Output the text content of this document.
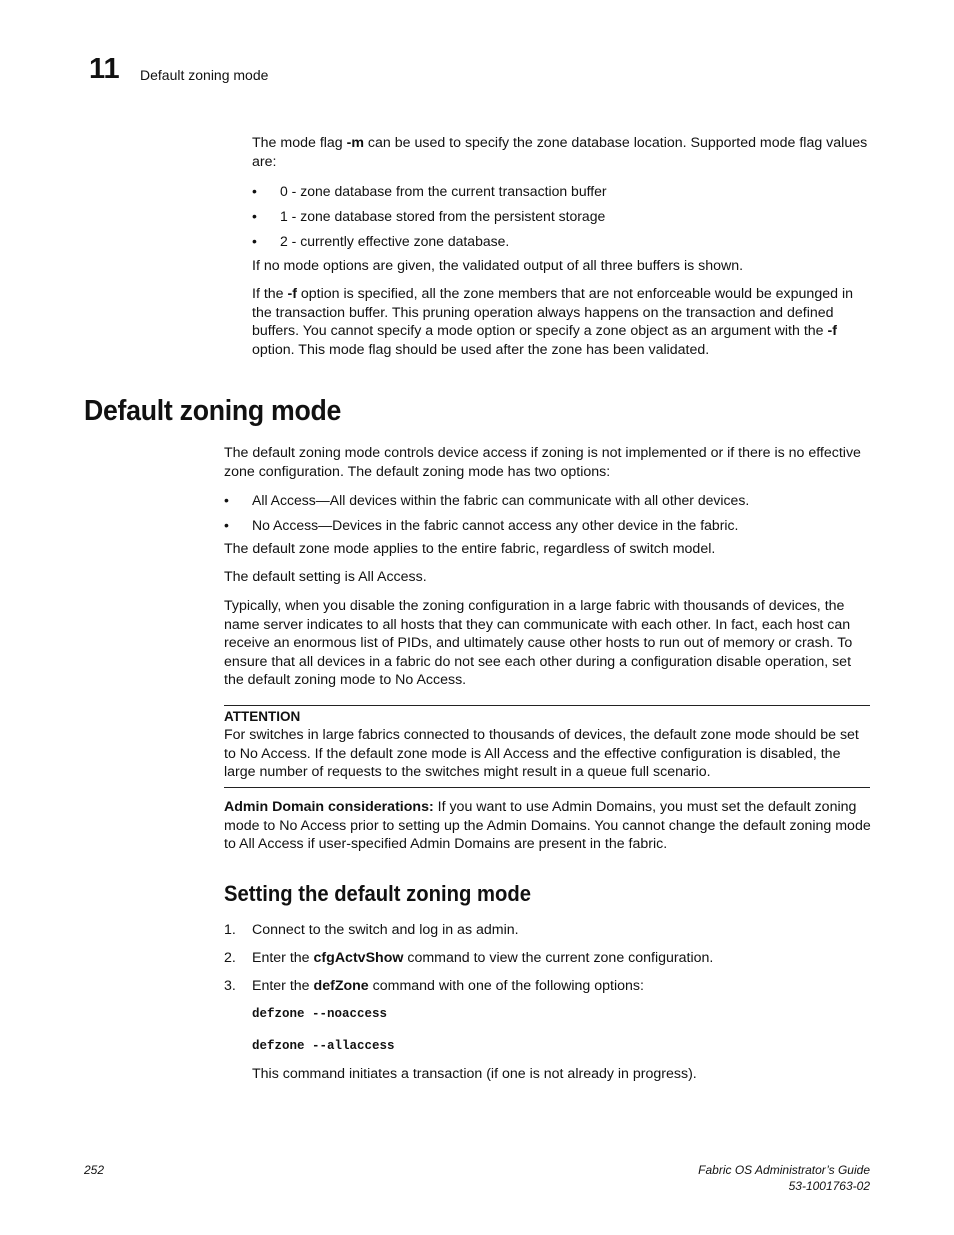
11 Default zoning mode

The mode flag -m can be used to specify the zone database location. Supported mode flag values are:

• 0 - zone database from the current transaction buffer
• 1 - zone database stored from the persistent storage
• 2 - currently effective zone database.

If no mode options are given, the validated output of all three buffers is shown.

If the -f option is specified, all the zone members that are not enforceable would be expunged in the transaction buffer. This pruning operation always happens on the transaction and defined buffers. You cannot specify a mode option or specify a zone object as an argument with the -f option. This mode flag should be used after the zone has been validated.

Default zoning mode

The default zoning mode controls device access if zoning is not implemented or if there is no effective zone configuration. The default zoning mode has two options:

• All Access—All devices within the fabric can communicate with all other devices.
• No Access—Devices in the fabric cannot access any other device in the fabric.

The default zone mode applies to the entire fabric, regardless of switch model.

The default setting is All Access.

Typically, when you disable the zoning configuration in a large fabric with thousands of devices, the name server indicates to all hosts that they can communicate with each other. In fact, each host can receive an enormous list of PIDs, and ultimately cause other hosts to run out of memory or crash. To ensure that all devices in a fabric do not see each other during a configuration disable operation, set the default zoning mode to No Access.

ATTENTION

For switches in large fabrics connected to thousands of devices, the default zone mode should be set to No Access. If the default zone mode is All Access and the effective configuration is disabled, the large number of requests to the switches might result in a queue full scenario.

Admin Domain considerations: If you want to use Admin Domains, you must set the default zoning mode to No Access prior to setting up the Admin Domains. You cannot change the default zoning mode to All Access if user-specified Admin Domains are present in the fabric.

Setting the default zoning mode
1. Connect to the switch and log in as admin.
2. Enter the cfgActvShow command to view the current zone configuration.
3. Enter the defZone command with one of the following options:
defzone --noaccess
defzone --allaccess

This command initiates a transaction (if one is not already in progress).

252	Fabric OS Administrator’s Guide
53-1001763-02
